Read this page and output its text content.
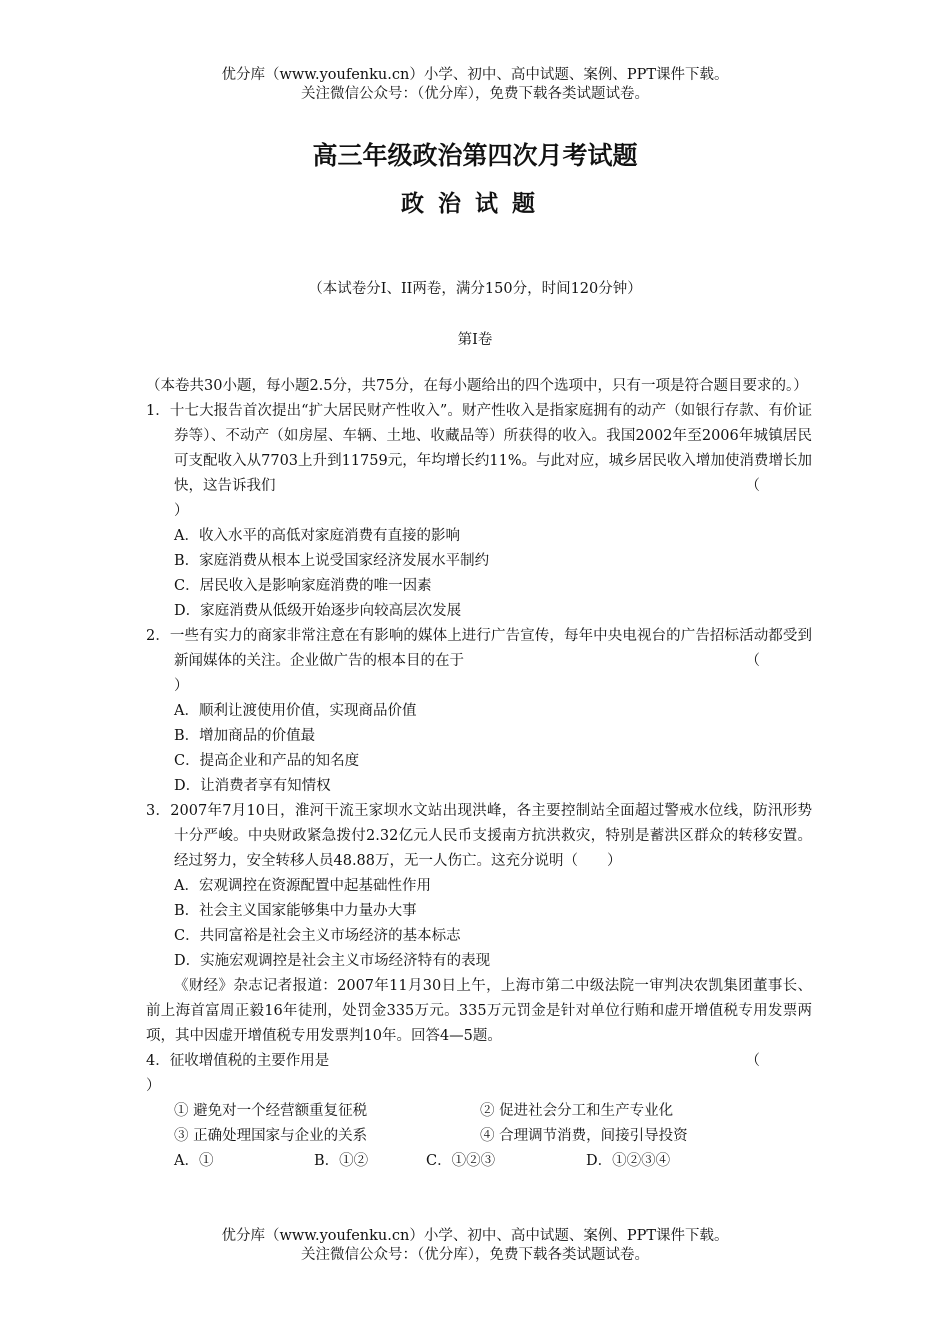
优分库（www.youfenku.cn）小学、初中、高中试题、案例、PPT课件下载。
关注微信公众号：（优分库），免费下载各类试题试卷。
高三年级政治第四次月考试题
政治试题
（本试卷分I、II两卷，满分150分，时间120分钟）
第I卷
（本卷共30小题，每小题2.5分，共75分，在每小题给出的四个选项中，只有一项是符合题目要求的。）
1．十七大报告首次提出“扩大居民财产性收入”。财产性收入是指家庭拥有的动产（如银行存款、有价证券等）、不动产（如房屋、车辆、土地、收藏品等）所获得的收入。我国2002年至2006年城镇居民可支配收入从7703上升到11759元，年均增长约11%。与此对应，城乡居民收入增加使消费增长加快，这告诉我们	（
）
A．收入水平的高低对家庭消费有直接的影响
B．家庭消费从根本上说受国家经济发展水平制约
C．居民收入是影响家庭消费的唯一因素
D．家庭消费从低级开始逐步向较高层次发展
2．一些有实力的商家非常注意在有影响的媒体上进行广告宣传，每年中央电视台的广告招标活动都受到新闻媒体的关注。企业做广告的根本目的在于	（
）
A．顺利让渡使用价值，实现商品价值
B．增加商品的价值最
C．提高企业和产品的知名度
D．让消费者享有知情权
3．2007年7月10日，淮河干流王家坝水文站出现洪峰，各主要控制站全面超过警戒水位线，防汛形势十分严峻。中央财政紧急拨付2.32亿元人民币支援南方抗洪救灾，特别是蓄洪区群众的转移安置。经过努力，安全转移人员48.88万，无一人伤亡。这充分说明（　　）
A．宏观调控在资源配置中起基础性作用
B．社会主义国家能够集中力量办大事
C．共同富裕是社会主义市场经济的基本标志
D．实施宏观调控是社会主义市场经济特有的表现
《财经》杂志记者报道：2007年11月30日上午，上海市第二中级法院一审判决农凯集团董事长、前上海首富周正毅16年徒刑，处罚金335万元。335万元罚金是针对单位行贿和虚开增值税专用发票两项，其中因虚开增值税专用发票判10年。回答4—5题。
4．征收增值税的主要作用是	（
）
① 避免对一个经营额重复征税	② 促进社会分工和生产专业化
③ 正确处理国家与企业的关系	④ 合理调节消费，间接引导投资
A．①	B．①②	C．①②③	D．①②③④
优分库（www.youfenku.cn）小学、初中、高中试题、案例、PPT课件下载。
关注微信公众号：（优分库），免费下载各类试题试卷。
